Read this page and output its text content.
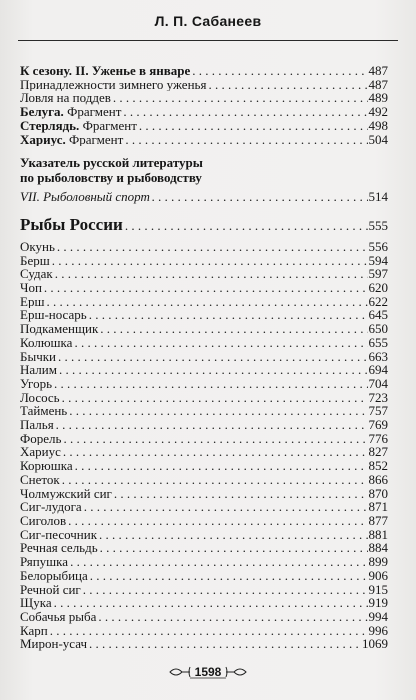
Л. П. Сабанеев
К сезону. II. Уженье в январе . . .	487
Принадлежности зимнего уженья . . .	487
Ловля на поддев . . .	489
Белуга. Фрагмент . . .	492
Стерлядь. Фрагмент . . .	498
Хариус. Фрагмент . . .	504
Указатель русской литературы
по рыболовству и рыбоводству
VII. Рыболовный спорт . . .	514
Рыбы России . . .	555
Окунь . . .	556
Берш . . .	594
Судак . . .	597
Чоп . . .	620
Ерш . . .	622
Ерш-носарь . . .	645
Подкаменщик . . .	650
Колюшка . . .	655
Бычки . . .	663
Налим . . .	694
Угорь . . .	704
Лосось . . .	723
Таймень . . .	757
Палья . . .	769
Форель . . .	776
Хариус . . .	827
Корюшка . . .	852
Снеток . . .	866
Чолмужский сиг . . .	870
Сиг-лудога . . .	871
Сиголов . . .	877
Сиг-песочник . . .	881
Речная сельдь . . .	884
Ряпушка . . .	899
Белорыбица . . .	906
Речной сиг . . .	915
Щука . . .	919
Собачья рыба . . .	994
Карп . . .	996
Мирон-усач . . .	1069
1598
